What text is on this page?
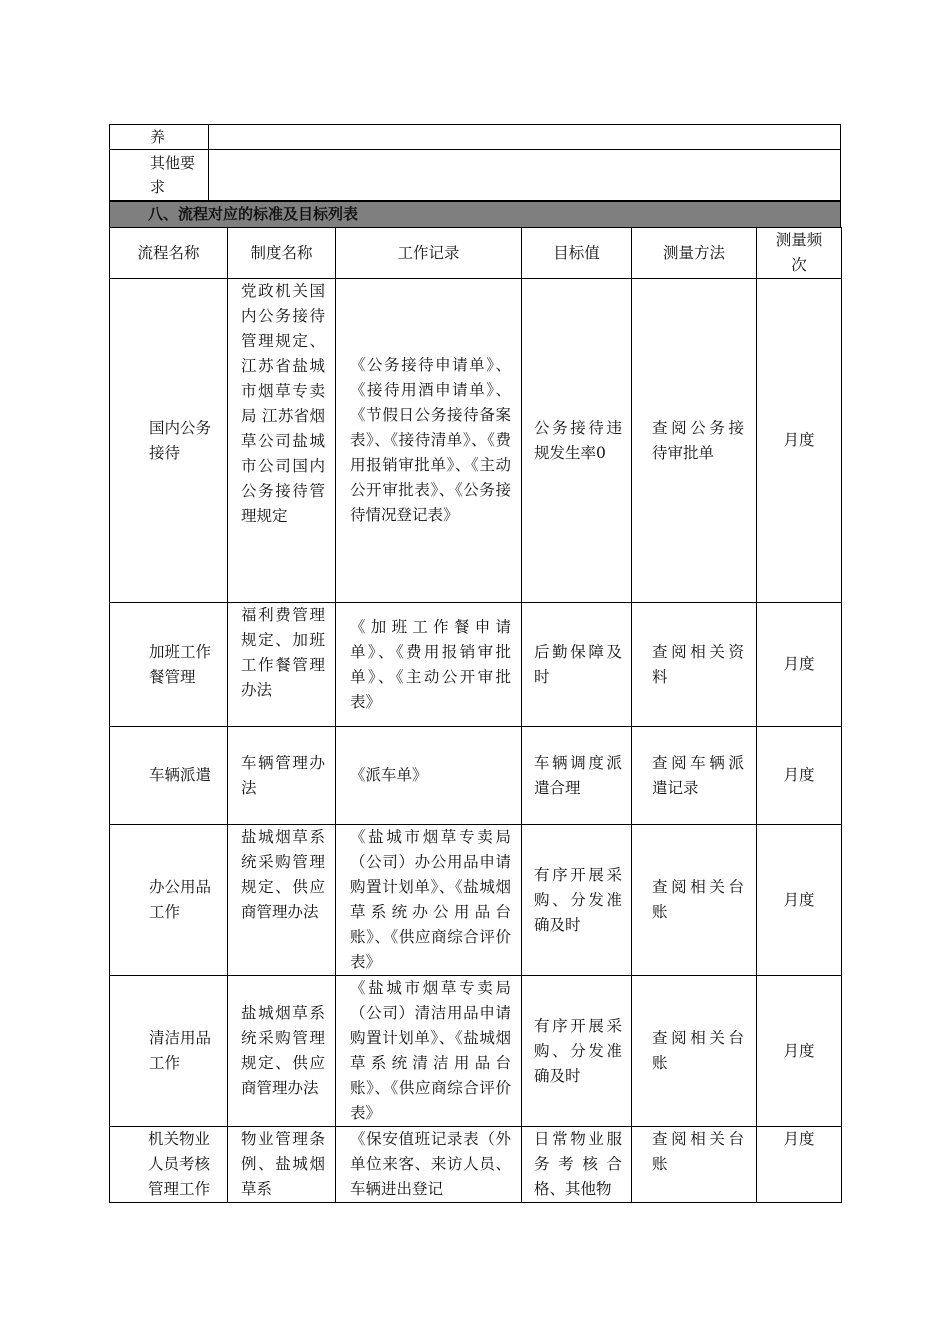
养	
其他要求	
八、流程对应的标准及目标列表
流程名称	制度名称	工作记录	目标值	测量方法	测量频次
国内公务接待	党政机关国内公务接待管理规定、江苏省盐城市烟草专卖局 江苏省烟草公司盐城市公司国内公务接待管理规定	《公务接待申请单》、《接待用酒申请单》、《节假日公务接待备案表》、《接待清单》、《费用报销审批单》、《主动公开审批表》、《公务接待情况登记表》	公务接待违规发生率0	查阅公务接待审批单	月度
加班工作餐管理	福利费管理规定、加班工作餐管理办法	《加班工作餐申请单》、《费用报销审批单》、《主动公开审批表》	后勤保障及时	查阅相关资料	月度
车辆派遣	车辆管理办法	《派车单》	车辆调度派遣合理	查阅车辆派遣记录	月度
办公用品工作	盐城烟草系统采购管理规定、供应商管理办法	《盐城市烟草专卖局（公司）办公用品申请购置计划单》、《盐城烟草系统办公用品台账》、《供应商综合评价表》	有序开展采购、分发准确及时	查阅相关台账	月度
清洁用品工作	盐城烟草系统采购管理规定、供应商管理办法	《盐城市烟草专卖局（公司）清洁用品申请购置计划单》、《盐城烟草系统清洁用品台账》、《供应商综合评价表》	有序开展采购、分发准确及时	查阅相关台账	月度
机关物业人员考核管理工作	物业管理条例、盐城烟草系	《保安值班记录表（外单位来客、来访人员、车辆进出登记	日常物业服务考核合格、其他物	查阅相关台账	月度
